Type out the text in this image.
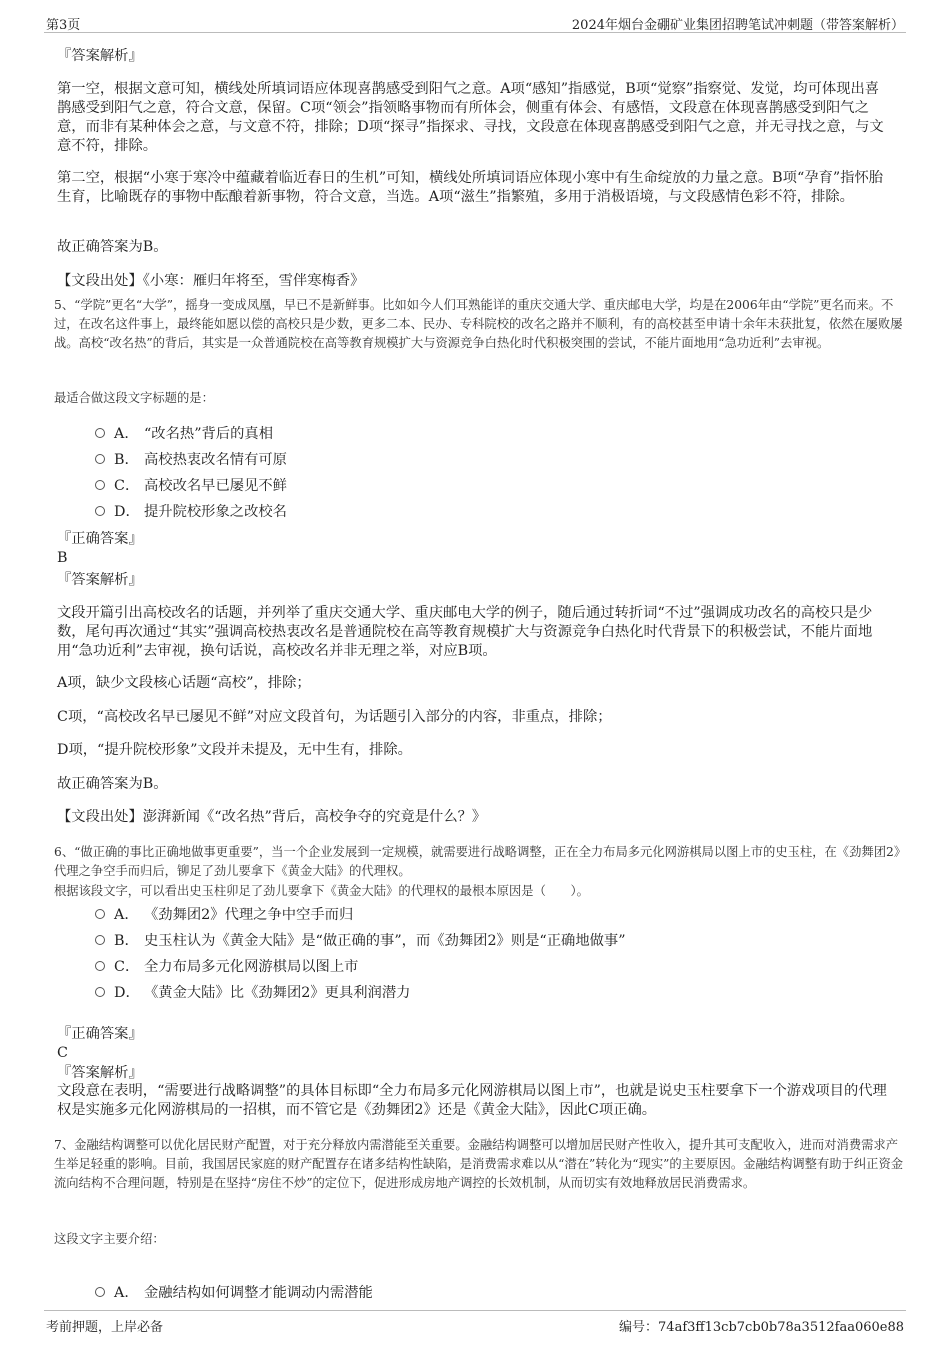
第3页	2024年烟台金硼矿业集团招聘笔试冲刺题（带答案解析）

『答案解析』

第一空，根据文意可知，横线处所填词语应体现喜鹊感受到阳气之意。A项“感知”指感觉，B项“觉察”指察觉、发觉，均可体现出喜鹊感受到阳气之意，符合文意，保留。C项“领会”指领略事物而有所体会，侧重有体会、有感悟，文段意在体现喜鹊感受到阳气之意，而非有某种体会之意，与文意不符，排除；D项“探寻”指探求、寻找，文段意在体现喜鹊感受到阳气之意，并无寻找之意，与文意不符，排除。

第二空，根据“小寒于寒冷中蕴藏着临近春日的生机”可知，横线处所填词语应体现小寒中有生命绽放的力量之意。B项“孕育”指怀胎生育，比喻既存的事物中酝酿着新事物，符合文意，当选。A项“滋生”指繁殖，多用于消极语境，与文段感情色彩不符，排除。

故正确答案为B。

【文段出处】《小寒：雁归年将至，雪伴寒梅香》

5、“学院”更名“大学”，摇身一变成凤凰，早已不是新鲜事。比如如今人们耳熟能详的重庆交通大学、重庆邮电大学，均是在2006年由“学院”更名而来。不过，在改名这件事上，最终能如愿以偿的高校只是少数，更多二本、民办、专科院校的改名之路并不顺利，有的高校甚至申请十余年未获批复，依然在屡败屡战。高校“改名热”的背后，其实是一众普通院校在高等教育规模扩大与资源竞争白热化时代积极突围的尝试，不能片面地用“急功近利”去审视。

最适合做这段文字标题的是：

A． “改名热”背后的真相
B． 高校热衷改名情有可原
C． 高校改名早已屡见不鲜
D． 提升院校形象之改校名

『正确答案』

B

『答案解析』

文段开篇引出高校改名的话题，并列举了重庆交通大学、重庆邮电大学的例子，随后通过转折词“不过”强调成功改名的高校只是少数，尾句再次通过“其实”强调高校热衷改名是普通院校在高等教育规模扩大与资源竞争白热化时代背景下的积极尝试，不能片面地用“急功近利”去审视，换句话说，高校改名并非无理之举，对应B项。

A项，缺少文段核心话题“高校”，排除；

C项，“高校改名早已屡见不鲜”对应文段首句，为话题引入部分的内容，非重点，排除；

D项，“提升院校形象”文段并未提及，无中生有，排除。

故正确答案为B。

【文段出处】澎湃新闻《“改名热”背后，高校争夺的究竟是什么？》

6、“做正确的事比正确地做事更重要”，当一个企业发展到一定规模，就需要进行战略调整，正在全力布局多元化网游棋局以图上市的史玉柱，在《劲舞团2》代理之争空手而归后，铆足了劲儿要拿下《黄金大陆》的代理权。

根据该段文字，可以看出史玉柱卯足了劲儿要拿下《黄金大陆》的代理权的最根本原因是（　　）。

A． 《劲舞团2》代理之争中空手而归
B． 史玉柱认为《黄金大陆》是“做正确的事”，而《劲舞团2》则是“正确地做事”
C． 全力布局多元化网游棋局以图上市
D． 《黄金大陆》比《劲舞团2》更具利润潜力

『正确答案』

C

『答案解析』

文段意在表明，“需要进行战略调整”的具体目标即“全力布局多元化网游棋局以图上市”，也就是说史玉柱要拿下一个游戏项目的代理权是实施多元化网游棋局的一招棋，而不管它是《劲舞团2》还是《黄金大陆》，因此C项正确。

7、金融结构调整可以优化居民财产配置，对于充分释放内需潜能至关重要。金融结构调整可以增加居民财产性收入，提升其可支配收入，进而对消费需求产生举足轻重的影响。目前，我国居民家庭的财产配置存在诸多结构性缺陷，是消费需求难以从“潜在”转化为“现实”的主要原因。金融结构调整有助于纠正资金流向结构不合理问题，特别是在坚持“房住不炒”的定位下，促进形成房地产调控的长效机制，从而切实有效地释放居民消费需求。

这段文字主要介绍：

A． 金融结构如何调整才能调动内需潜能
考前押题，上岸必备	编号：74af3ff13cb7cb0b78a3512faa060e88
